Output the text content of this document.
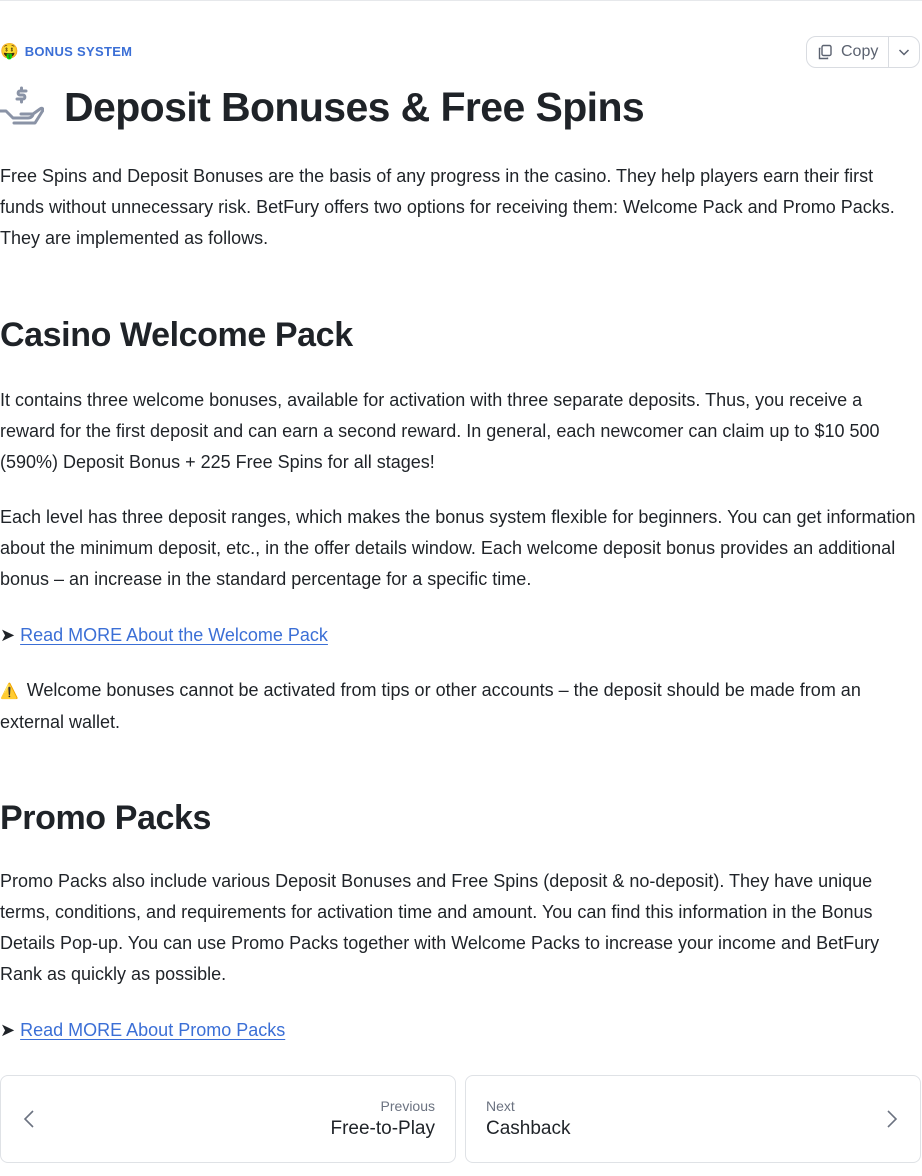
🤑 BONUS SYSTEM	Copy
Deposit Bonuses & Free Spins

Free Spins and Deposit Bonuses are the basis of any progress in the casino. They help players earn their first funds without unnecessary risk. BetFury offers two options for receiving them: Welcome Pack and Promo Packs. They are implemented as follows.

Casino Welcome Pack

It contains three welcome bonuses, available for activation with three separate deposits. Thus, you receive a reward for the first deposit and can earn a second reward. In general, each newcomer can claim up to $10 500 (590%) Deposit Bonus + 225 Free Spins for all stages!

Each level has three deposit ranges, which makes the bonus system flexible for beginners. You can get information about the minimum deposit, etc., in the offer details window. Each welcome deposit bonus provides an additional bonus – an increase in the standard percentage for a specific time.

➤ Read MORE About the Welcome Pack

⚠️ Welcome bonuses cannot be activated from tips or other accounts – the deposit should be made from an external wallet.

Promo Packs

Promo Packs also include various Deposit Bonuses and Free Spins (deposit & no-deposit). They have unique terms, conditions, and requirements for activation time and amount. You can find this information in the Bonus Details Pop-up. You can use Promo Packs together with Welcome Packs to increase your income and BetFury Rank as quickly as possible.

➤ Read MORE About Promo Packs
Previous
Free-to-Play
Next
Cashback
